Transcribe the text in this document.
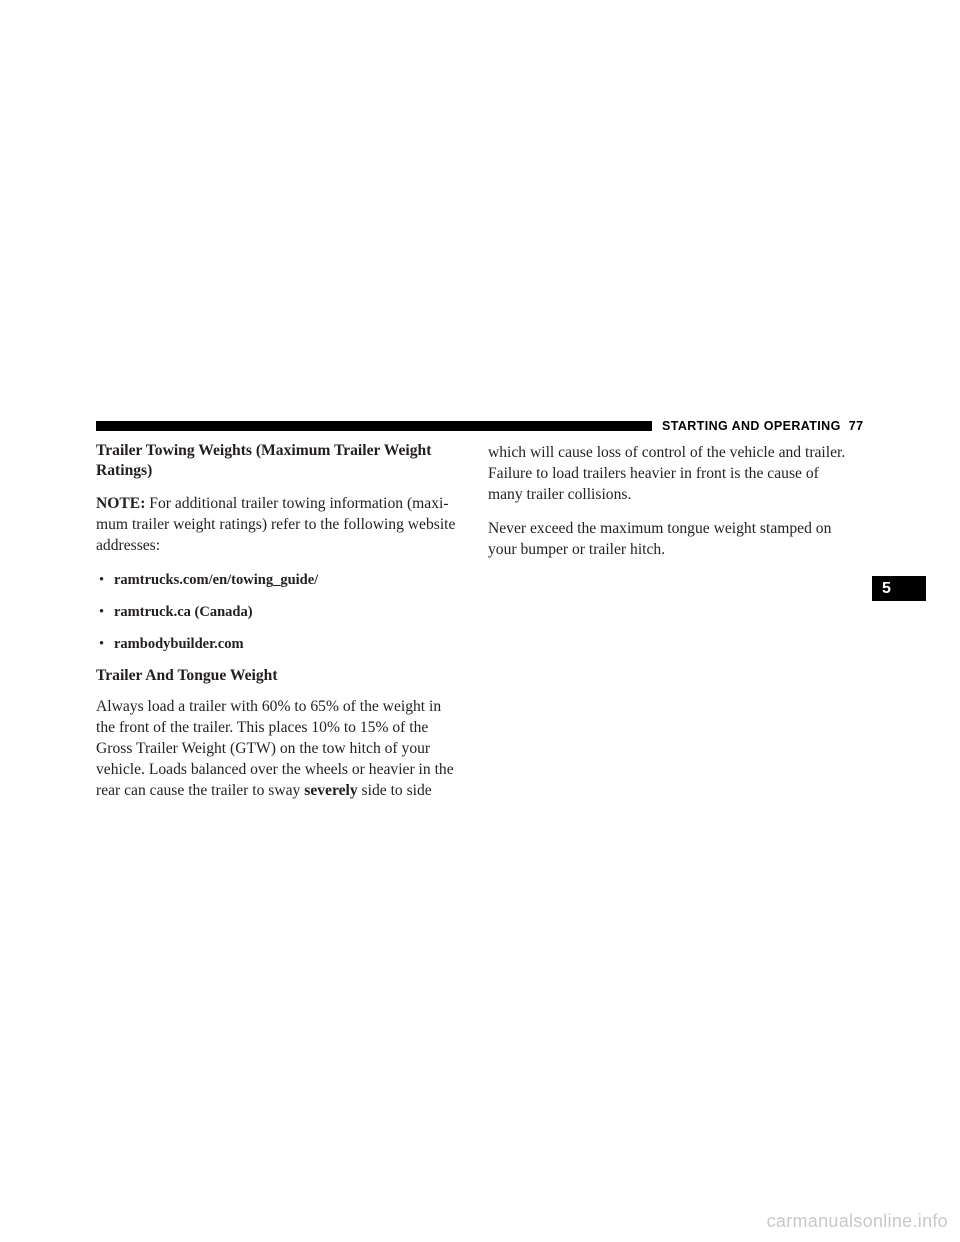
STARTING AND OPERATING 77
Trailer Towing Weights (Maximum Trailer Weight
Ratings)

NOTE: For additional trailer towing information (maxi-
mum trailer weight ratings) refer to the following website
addresses:

• ramtrucks.com/en/towing_guide/
• ramtruck.ca (Canada)
• rambodybuilder.com
Trailer And Tongue Weight

Always load a trailer with 60% to 65% of the weight in
the front of the trailer. This places 10% to 15% of the
Gross Trailer Weight (GTW) on the tow hitch of your
vehicle. Loads balanced over the wheels or heavier in the
rear can cause the trailer to sway severely side to side

which will cause loss of control of the vehicle and trailer.
Failure to load trailers heavier in front is the cause of
many trailer collisions.

Never exceed the maximum tongue weight stamped on
your bumper or trailer hitch.

5
carmanualsonline.info
